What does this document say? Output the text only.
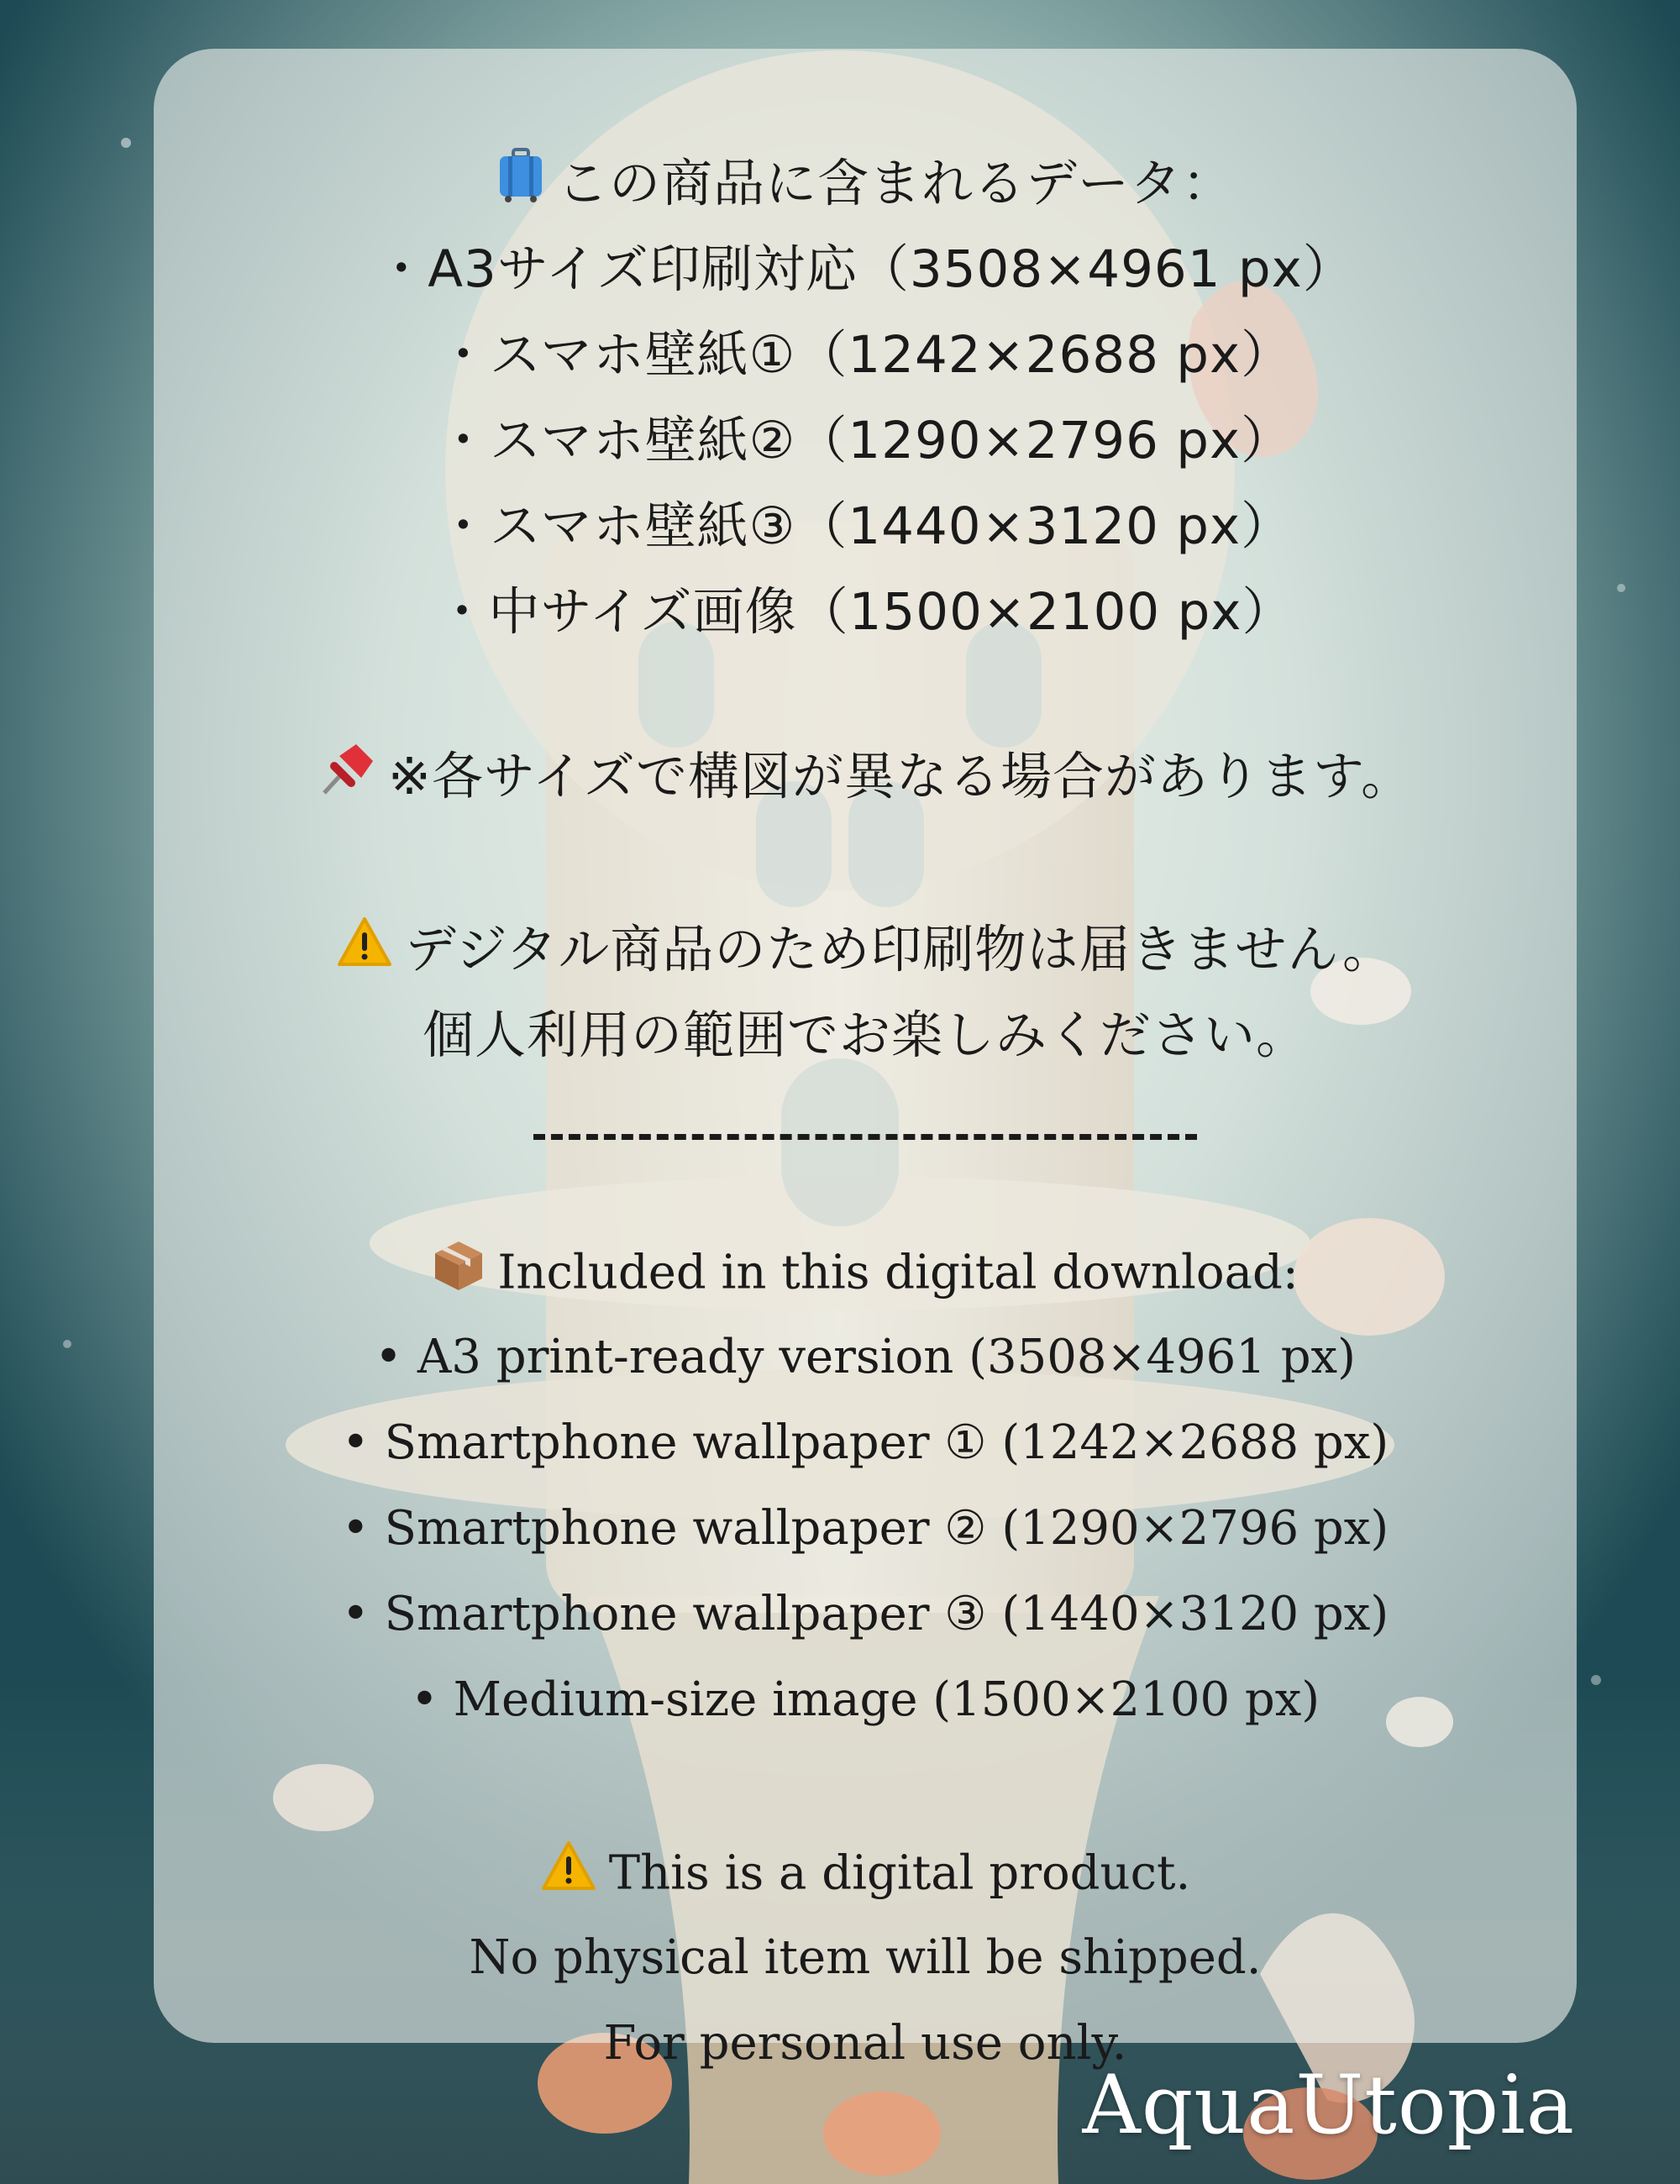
この商品に含まれるデータ：
・A3サイズ印刷対応（3508×4961 px）
・スマホ壁紙①（1242×2688 px）
・スマホ壁紙②（1290×2796 px）
・スマホ壁紙③（1440×3120 px）
・中サイズ画像（1500×2100 px）
※各サイズで構図が異なる場合があります。
デジタル商品のため印刷物は届きません。
個人利用の範囲でお楽しみください。
Included in this digital download:
• A3 print-ready version (3508×4961 px)
• Smartphone wallpaper ① (1242×2688 px)
• Smartphone wallpaper ② (1290×2796 px)
• Smartphone wallpaper ③ (1440×3120 px)
• Medium-size image (1500×2100 px)
This is a digital product.
No physical item will be shipped.
For personal use only.
AquaUtopia
